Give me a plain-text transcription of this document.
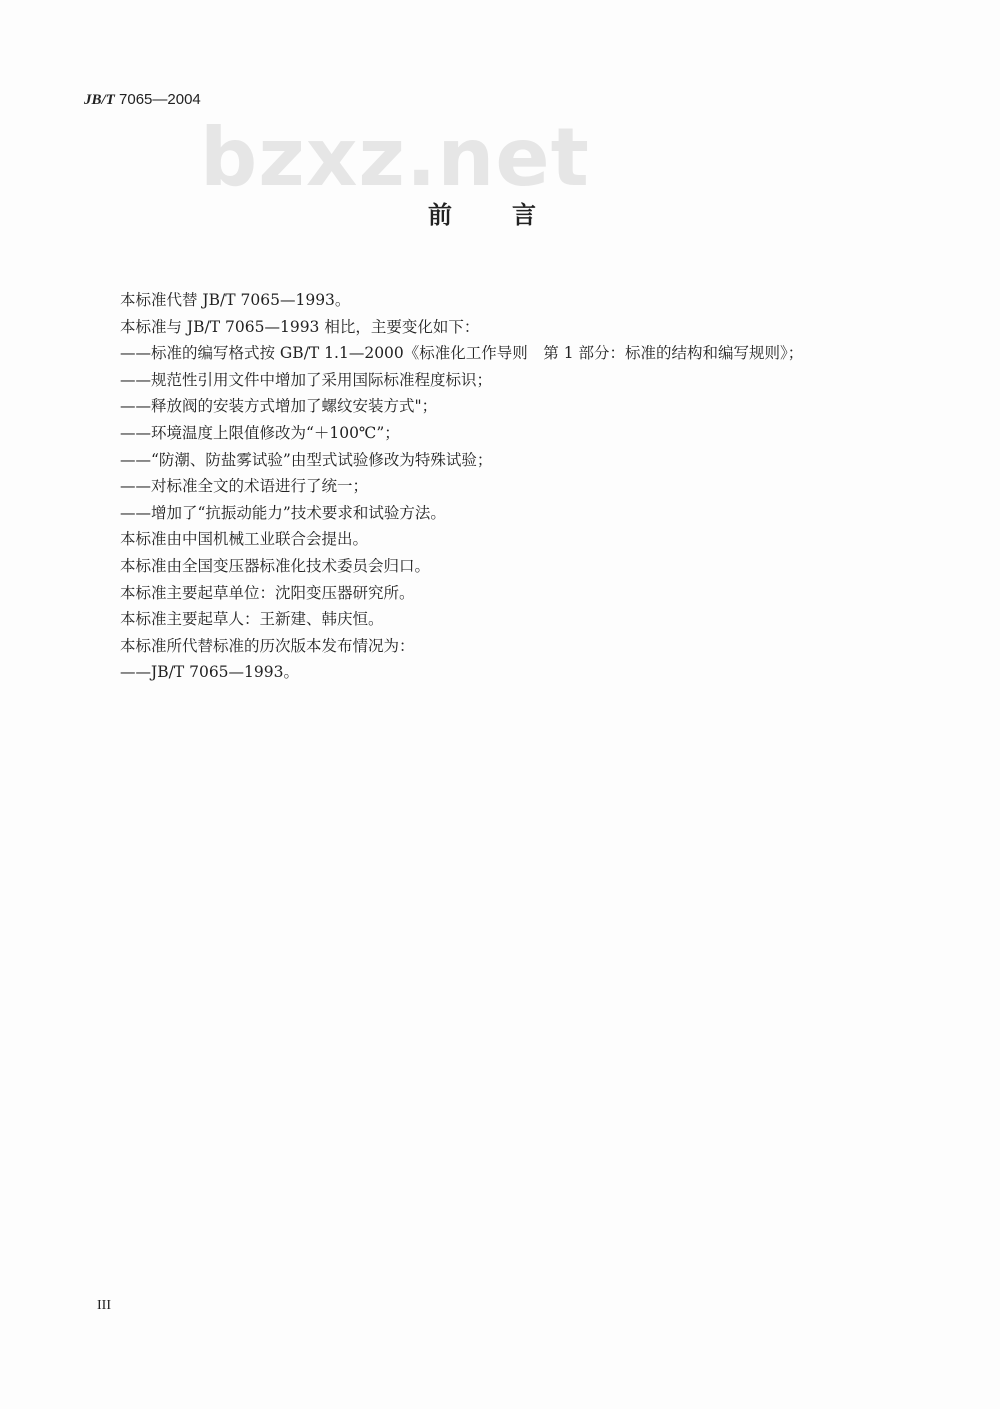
JB/T 7065—2004
bzxz.net
前	言
本标准代替 JB/T 7065—1993。
本标准与 JB/T 7065—1993 相比，主要变化如下：
——标准的编写格式按 GB/T 1.1—2000《标准化工作导则　第 1 部分：标准的结构和编写规则》；
——规范性引用文件中增加了采用国际标准程度标识；
——释放阀的安装方式增加了螺纹安装方式"；
——环境温度上限值修改为“＋100℃”；
——“防潮、防盐雾试验”由型式试验修改为特殊试验；
——对标准全文的术语进行了统一；
——增加了“抗振动能力”技术要求和试验方法。
本标准由中国机械工业联合会提出。
本标准由全国变压器标准化技术委员会归口。
本标准主要起草单位：沈阳变压器研究所。
本标准主要起草人：王新建、韩庆恒。
本标准所代替标准的历次版本发布情况为：
——JB/T 7065—1993。
III
